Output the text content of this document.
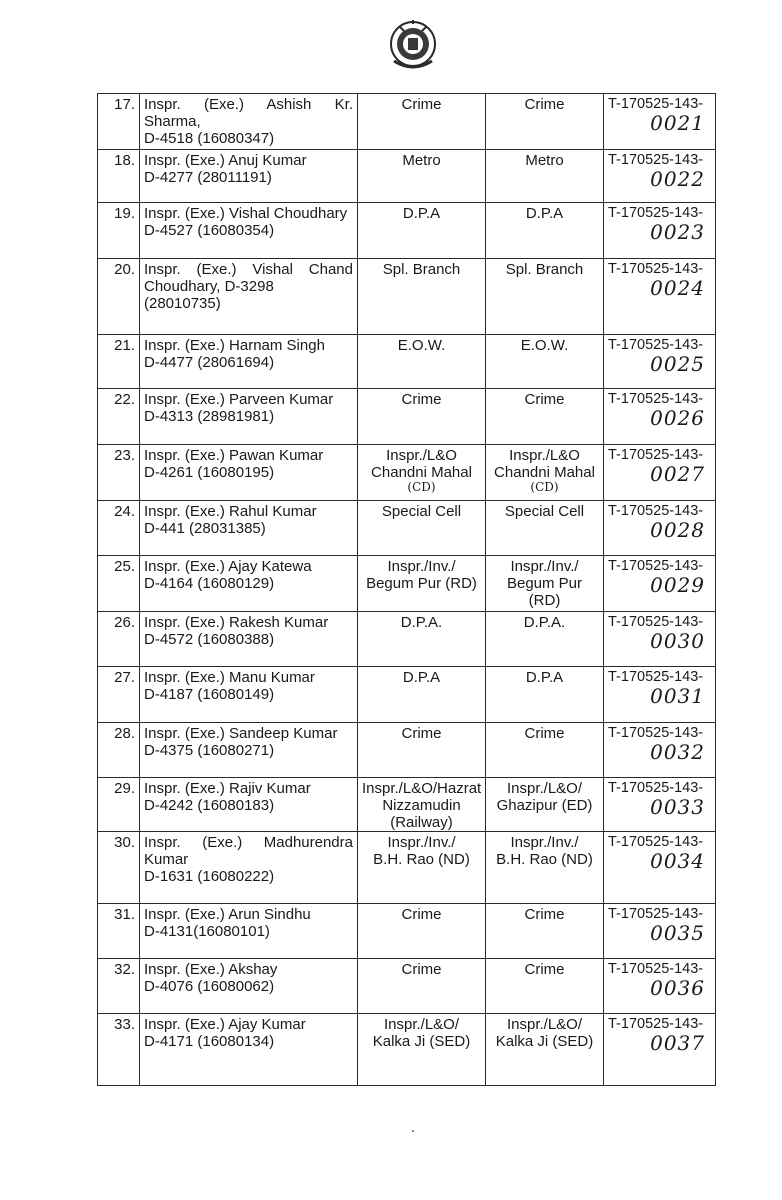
17.	Inspr. (Exe.) Ashish Kr.
Sharma,
D-4518 (16080347)	Crime	Crime	T-170525-143-
0021

18.	Inspr. (Exe.) Anuj Kumar
D-4277 (28011191)	Metro	Metro	T-170525-143-
0022

19.	Inspr. (Exe.) Vishal Choudhary
D-4527 (16080354)	D.P.A	D.P.A	T-170525-143-
0023

20.	Inspr. (Exe.) Vishal Chand
Choudhary, D-3298
(28010735)	Spl. Branch	Spl. Branch	T-170525-143-
0024

21.	Inspr. (Exe.) Harnam Singh
D-4477 (28061694)	E.O.W.	E.O.W.	T-170525-143-
0025

22.	Inspr. (Exe.) Parveen Kumar
D-4313 (28981981)	Crime	Crime	T-170525-143-
0026

23.	Inspr. (Exe.) Pawan Kumar
D-4261 (16080195)	Inspr./L&O
Chandni Mahal
(CD)	Inspr./L&O
Chandni Mahal
(CD)	T-170525-143-
0027

24.	Inspr. (Exe.) Rahul Kumar
D-441 (28031385)	Special Cell	Special Cell	T-170525-143-
0028

25.	Inspr. (Exe.) Ajay Katewa
D-4164 (16080129)	Inspr./Inv./
Begum Pur (RD)	Inspr./Inv./
Begum Pur (RD)	T-170525-143-
0029

26.	Inspr. (Exe.) Rakesh Kumar
D-4572 (16080388)	D.P.A.	D.P.A.	T-170525-143-
0030

27.	Inspr. (Exe.) Manu Kumar
D-4187 (16080149)	D.P.A	D.P.A	T-170525-143-
0031

28.	Inspr. (Exe.) Sandeep Kumar
D-4375 (16080271)	Crime	Crime	T-170525-143-
0032

29.	Inspr. (Exe.) Rajiv Kumar
D-4242 (16080183)	Inspr./L&O/Hazrat
Nizzamudin
(Railway)	Inspr./L&O/
Ghazipur (ED)	T-170525-143-
0033

30.	Inspr. (Exe.) Madhurendra
Kumar
D-1631 (16080222)	Inspr./Inv./
B.H. Rao (ND)	Inspr./Inv./
B.H. Rao (ND)	T-170525-143-
0034

31.	Inspr. (Exe.) Arun Sindhu
D-4131(16080101)	Crime	Crime	T-170525-143-
0035

32.	Inspr. (Exe.) Akshay
D-4076 (16080062)	Crime	Crime	T-170525-143-
0036

33.	Inspr. (Exe.) Ajay Kumar
D-4171 (16080134)	Inspr./L&O/
Kalka Ji (SED)	Inspr./L&O/
Kalka Ji (SED)	T-170525-143-
0037
